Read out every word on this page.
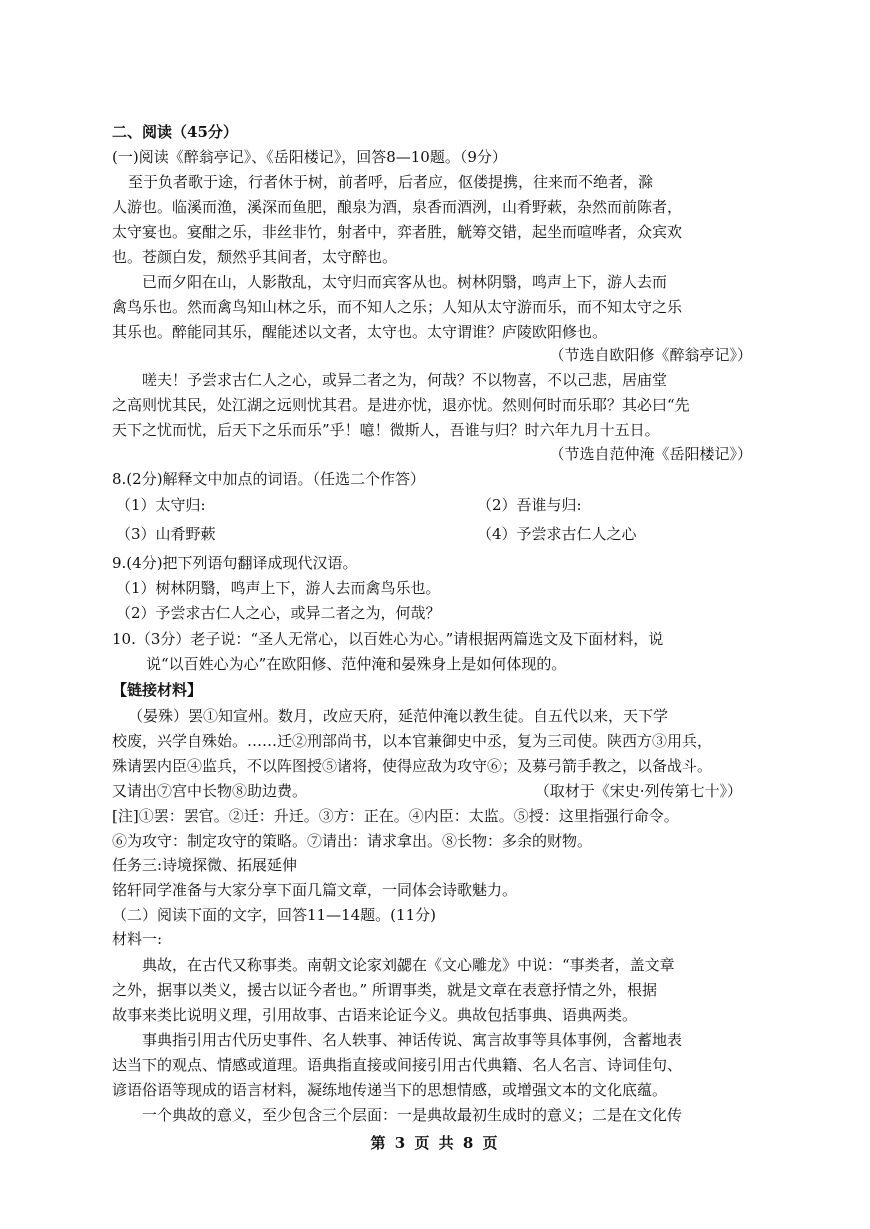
二、阅读（45分）
(一)阅读《醉翁亭记》、《岳阳楼记》，回答8—10题。（9分）
至于负者歌于途，行者休于树，前者呼，后者应，伛偻提携，往来而不绝者，滁
人游也。临溪而渔，溪深而鱼肥，酿泉为酒，泉香而酒洌，山肴野蔌，杂然而前陈者，
太守宴也。宴酣之乐，非丝非竹，射者中，弈者胜，觥筹交错，起坐而喧哗者，众宾欢
也。苍颜白发，颓然乎其间者，太守醉也。
已而夕阳在山，人影散乱，太守归而宾客从也。树林阴翳，鸣声上下，游人去而
禽鸟乐也。然而禽鸟知山林之乐，而不知人之乐；人知从太守游而乐，而不知太守之乐
其乐也。醉能同其乐，醒能述以文者，太守也。太守谓谁？庐陵欧阳修也。
（节选自欧阳修《醉翁亭记》）
嗟夫！予尝求古仁人之心，或异二者之为，何哉？不以物喜，不以己悲，居庙堂
之高则忧其民，处江湖之远则忧其君。是进亦忧，退亦忧。然则何时而乐耶？其必曰“先
天下之忧而忧，后天下之乐而乐”乎！噫！微斯人，吾谁与归？时六年九月十五日。
（节选自范仲淹《岳阳楼记》）
8.(2分)解释文中加点的词语。（任选二个作答）
（1）太守归:	（2）吾谁与归:
（3）山肴野蔌	（4）予尝求古仁人之心
9.(4分)把下列语句翻译成现代汉语。
（1）树林阴翳，鸣声上下，游人去而禽鸟乐也。
（2）予尝求古仁人之心，或异二者之为，何哉？
10.（3分）老子说：“圣人无常心，以百姓心为心。”请根据两篇选文及下面材料，说
说“以百姓心为心”在欧阳修、范仲淹和晏殊身上是如何体现的。
【链接材料】
（晏殊）罢①知宣州。数月，改应天府，延范仲淹以教生徒。自五代以来，天下学
校废，兴学自殊始。……迁②刑部尚书，以本官兼御史中丞，复为三司使。陕西方③用兵，
殊请罢内臣④监兵，不以阵图授⑤诸将，使得应敌为攻守⑥；及募弓箭手教之，以备战斗。
又请出⑦宫中长物⑧助边费。	（取材于《宋史·列传第七十》）
[注]①罢：罢官。②迁：升迁。③方：正在。④内臣：太监。⑤授：这里指强行命令。
⑥为攻守：制定攻守的策略。⑦请出：请求拿出。⑧长物：多余的财物。
任务三:诗境探微、拓展延伸
铭轩同学准备与大家分享下面几篇文章，一同体会诗歌魅力。
（二）阅读下面的文字，回答11—14题。(11分)
材料一:
典故，在古代又称事类。南朝文论家刘勰在《文心雕龙》中说：“事类者，盖文章
之外，据事以类义，援古以证今者也。” 所谓事类，就是文章在表意抒情之外，根据
故事来类比说明义理，引用故事、古语来论证今义。典故包括事典、语典两类。
事典指引用古代历史事件、名人轶事、神话传说、寓言故事等具体事例，含蓄地表
达当下的观点、情感或道理。语典指直接或间接引用古代典籍、名人名言、诗词佳句、
谚语俗语等现成的语言材料，凝练地传递当下的思想情感，或增强文本的文化底蕴。
一个典故的意义，至少包含三个层面：一是典故最初生成时的意义；二是在文化传
第 3 页 共 8 页
